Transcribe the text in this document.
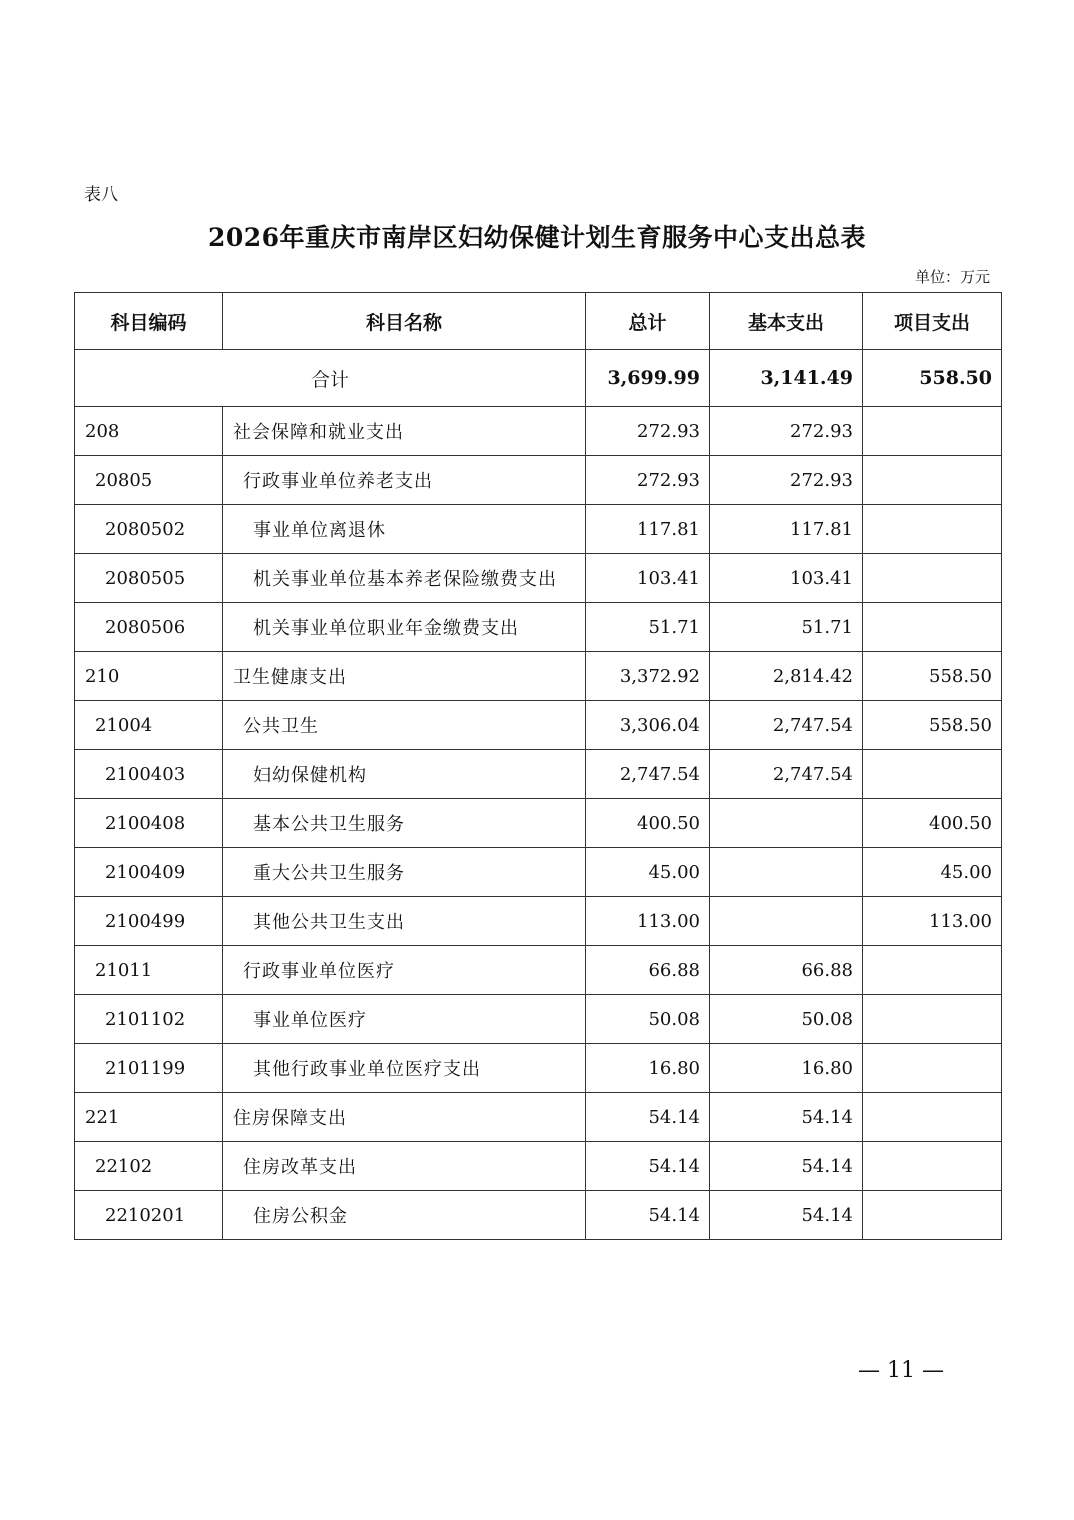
表八
2026年重庆市南岸区妇幼保健计划生育服务中心支出总表
单位：万元
科目编码	科目名称	总计	基本支出	项目支出
合计		3,699.99	3,141.49	558.50
208	社会保障和就业支出	272.93	272.93	
20805	行政事业单位养老支出	272.93	272.93	
2080502	事业单位离退休	117.81	117.81	
2080505	机关事业单位基本养老保险缴费支出	103.41	103.41	
2080506	机关事业单位职业年金缴费支出	51.71	51.71	
210	卫生健康支出	3,372.92	2,814.42	558.50
21004	公共卫生	3,306.04	2,747.54	558.50
2100403	妇幼保健机构	2,747.54	2,747.54	
2100408	基本公共卫生服务	400.50		400.50
2100409	重大公共卫生服务	45.00		45.00
2100499	其他公共卫生支出	113.00		113.00
21011	行政事业单位医疗	66.88	66.88	
2101102	事业单位医疗	50.08	50.08	
2101199	其他行政事业单位医疗支出	16.80	16.80	
221	住房保障支出	54.14	54.14	
22102	住房改革支出	54.14	54.14	
2210201	住房公积金	54.14	54.14	
— 11 —
